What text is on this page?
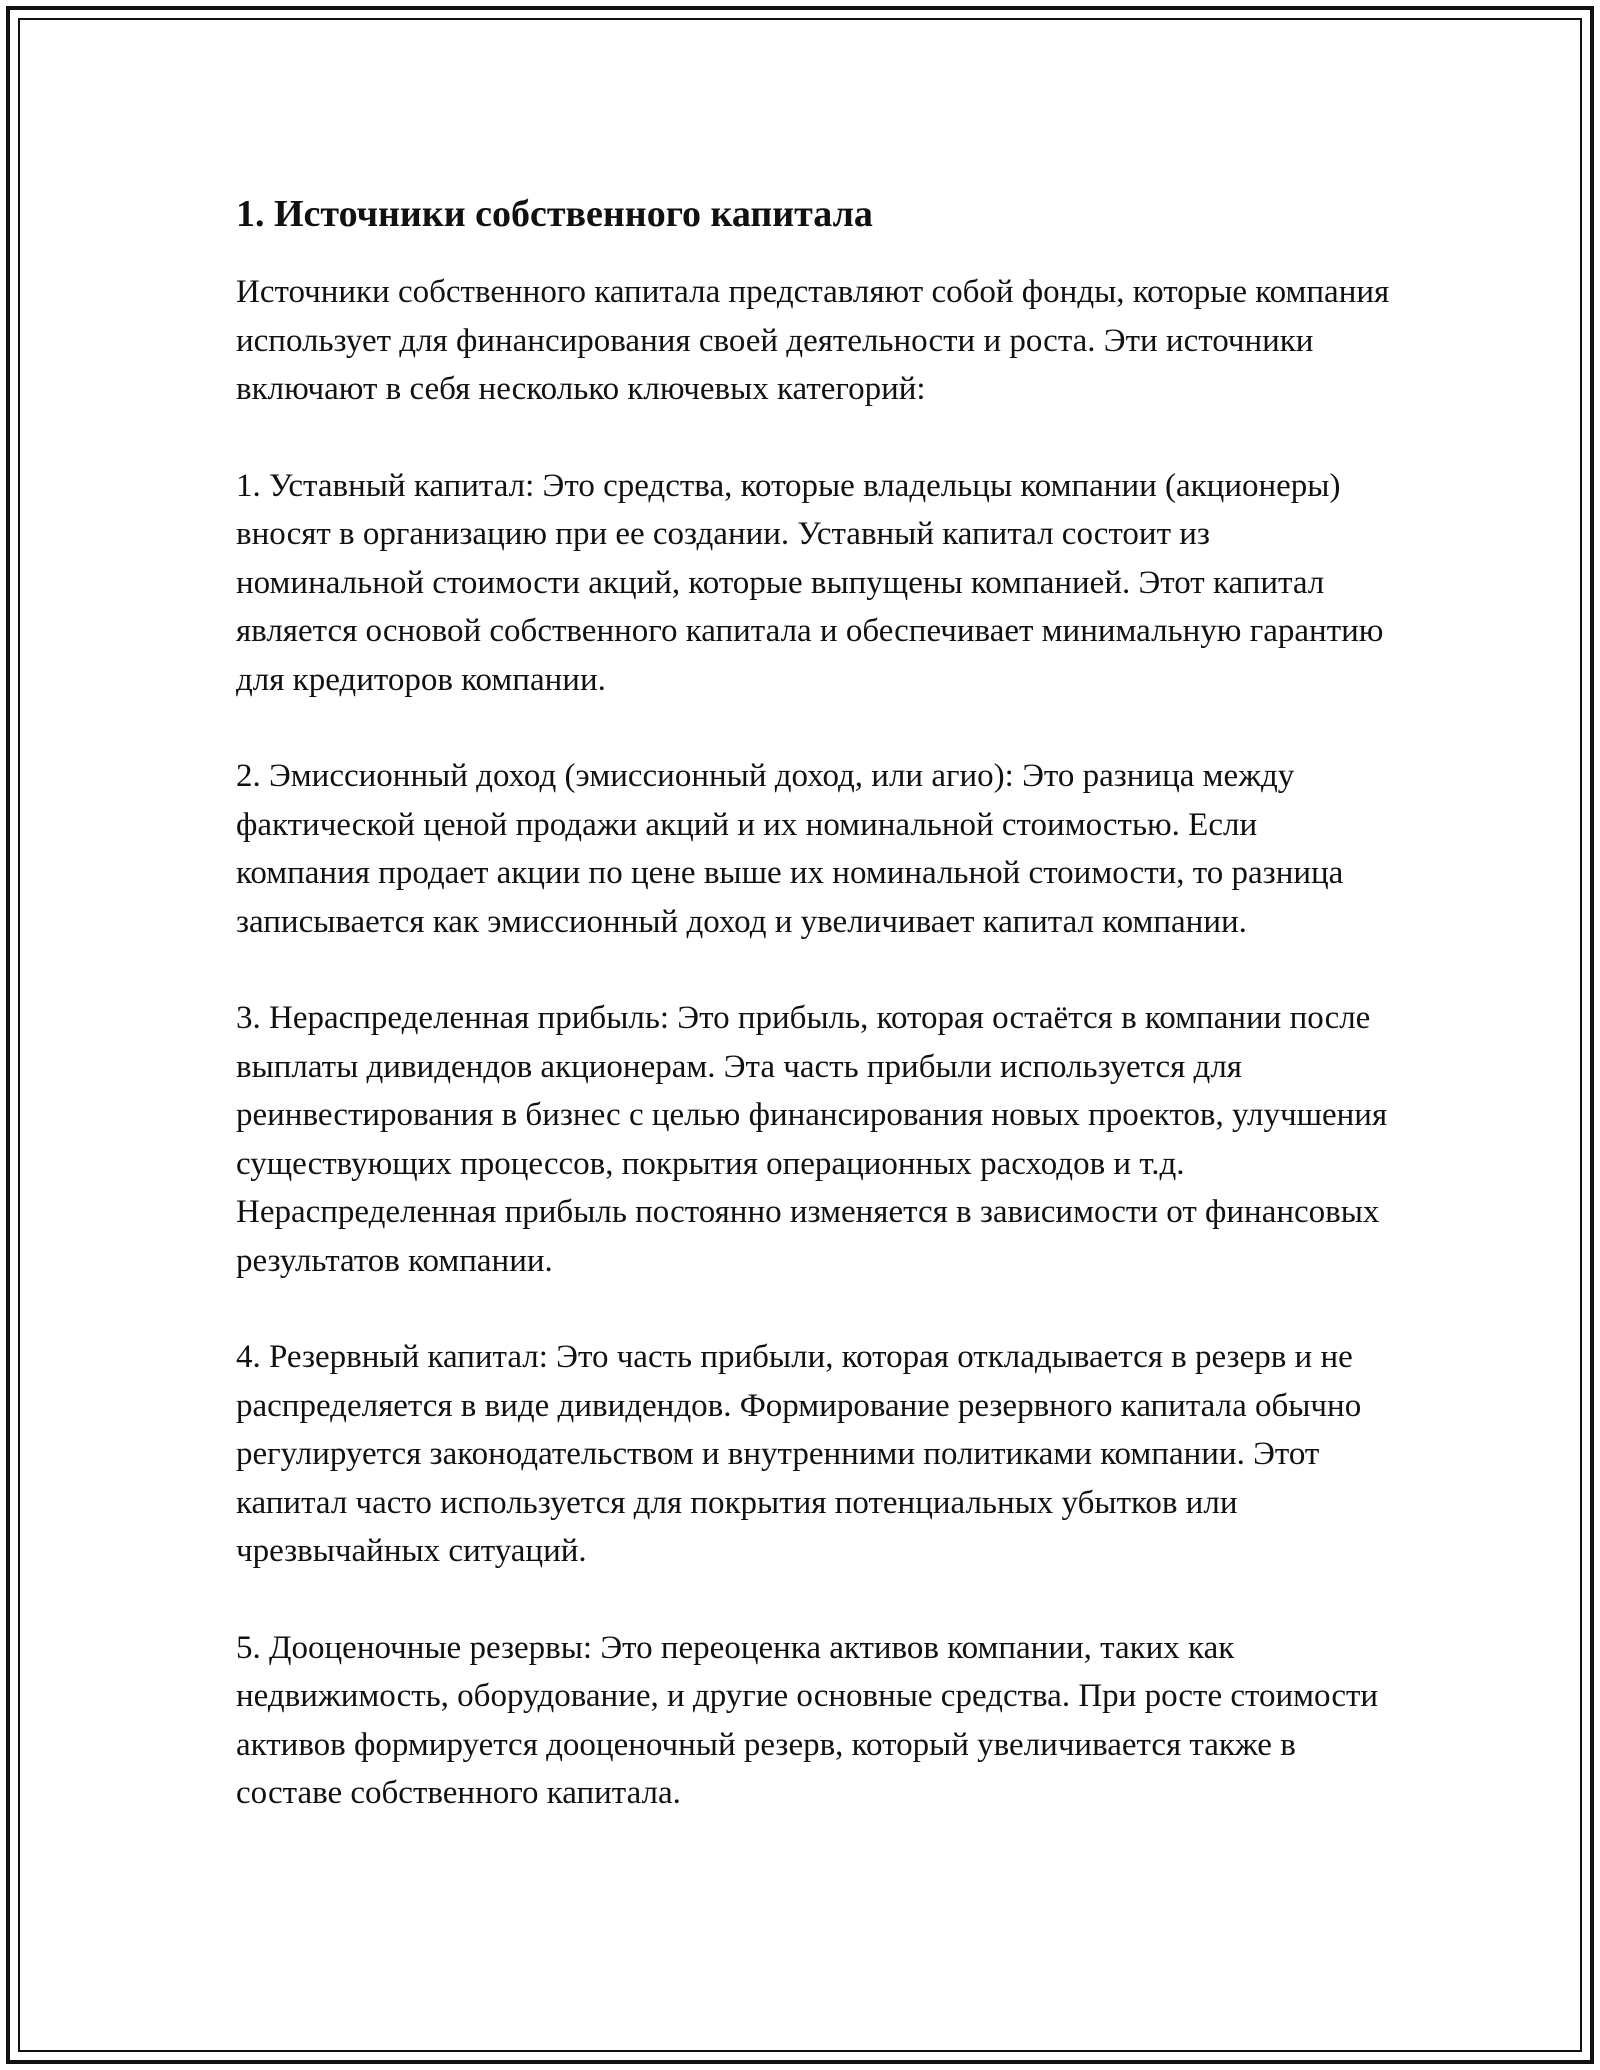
1. Источники собственного капитала

Источники собственного капитала представляют собой фонды, которые компания использует для финансирования своей деятельности и роста. Эти источники включают в себя несколько ключевых категорий:

1. Уставный капитал: Это средства, которые владельцы компании (акционеры) вносят в организацию при ее создании. Уставный капитал состоит из номинальной стоимости акций, которые выпущены компанией. Этот капитал является основой собственного капитала и обеспечивает минимальную гарантию для кредиторов компании.

2. Эмиссионный доход (эмиссионный доход, или агио): Это разница между фактической ценой продажи акций и их номинальной стоимостью. Если компания продает акции по цене выше их номинальной стоимости, то разница записывается как эмиссионный доход и увеличивает капитал компании.

3. Нераспределенная прибыль: Это прибыль, которая остаётся в компании после выплаты дивидендов акционерам. Эта часть прибыли используется для реинвестирования в бизнес с целью финансирования новых проектов, улучшения существующих процессов, покрытия операционных расходов и т.д. Нераспределенная прибыль постоянно изменяется в зависимости от финансовых результатов компании.

4. Резервный капитал: Это часть прибыли, которая откладывается в резерв и не распределяется в виде дивидендов. Формирование резервного капитала обычно регулируется законодательством и внутренними политиками компании. Этот капитал часто используется для покрытия потенциальных убытков или чрезвычайных ситуаций.

5. Дооценочные резервы: Это переоценка активов компании, таких как недвижимость, оборудование, и другие основные средства. При росте стоимости активов формируется дооценочный резерв, который увеличивается также в составе собственного капитала.
